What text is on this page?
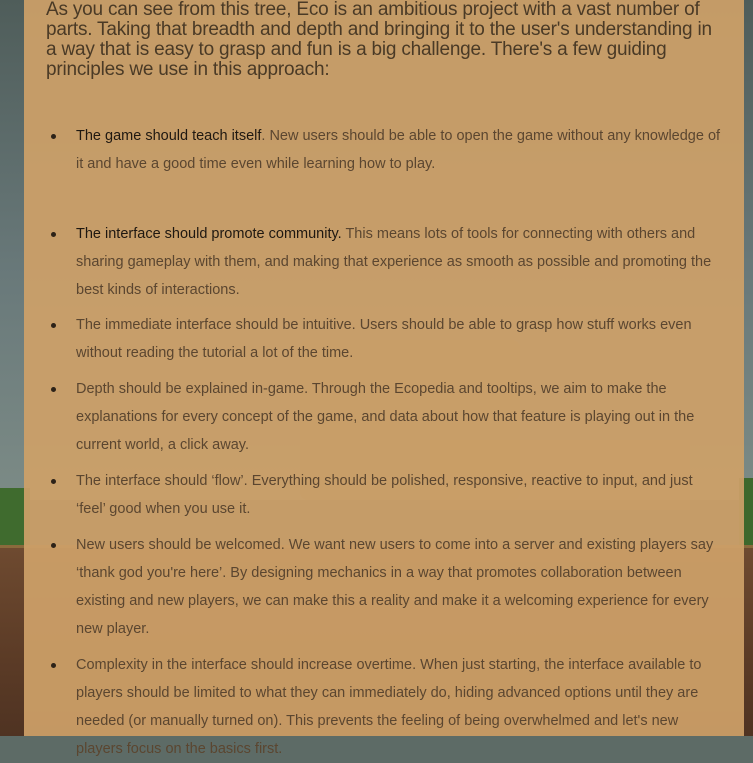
As you can see from this tree, Eco is an ambitious project with a vast number of parts. Taking that breadth and depth and bringing it to the user's understanding in a way that is easy to grasp and fun is a big challenge. There's a few guiding principles we use in this approach:

The game should teach itself. New users should be able to open the game without any knowledge of it and have a good time even while learning how to play.
The interface should promote community. This means lots of tools for connecting with others and sharing gameplay with them, and making that experience as smooth as possible and promoting the best kinds of interactions.
The immediate interface should be intuitive. Users should be able to grasp how stuff works even without reading the tutorial a lot of the time.
Depth should be explained in-game. Through the Ecopedia and tooltips, we aim to make the explanations for every concept of the game, and data about how that feature is playing out in the current world, a click away.
The interface should ‘flow’. Everything should be polished, responsive, reactive to input, and just ‘feel’ good when you use it.
New users should be welcomed. We want new users to come into a server and existing players say ‘thank god you're here’. By designing mechanics in a way that promotes collaboration between existing and new players, we can make this a reality and make it a welcoming experience for every new player.
Complexity in the interface should increase overtime. When just starting, the interface available to players should be limited to what they can immediately do, hiding advanced options until they are needed (or manually turned on). This prevents the feeling of being overwhelmed and let's new players focus on the basics first.
